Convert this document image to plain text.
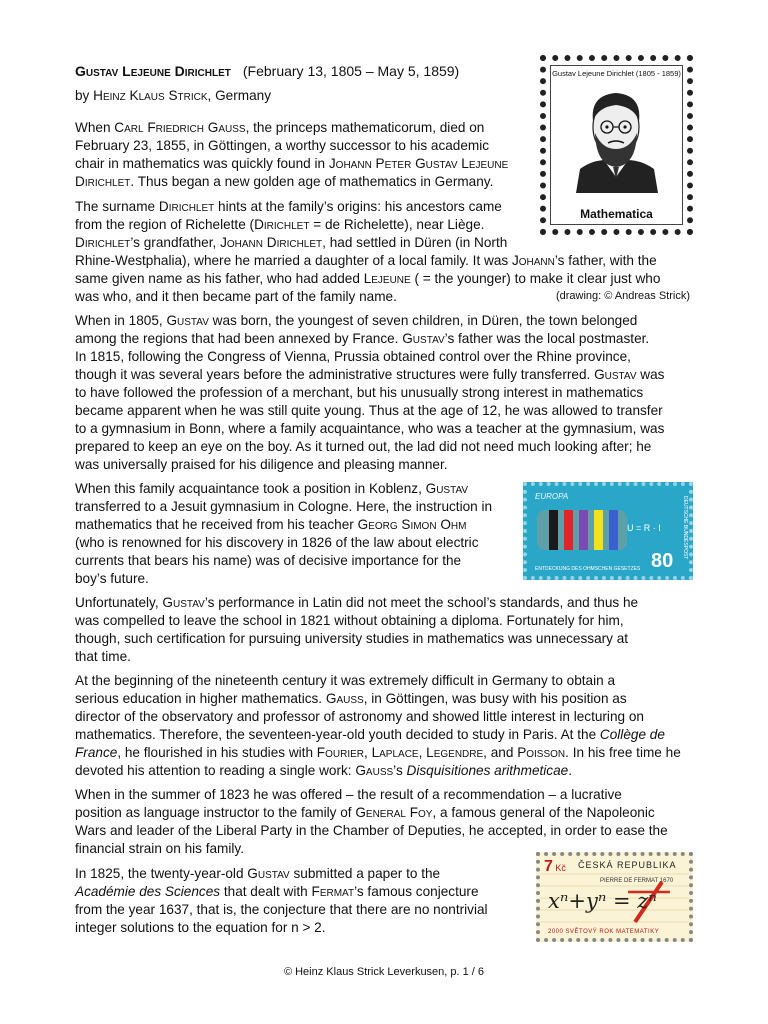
Gustav Lejeune Dirichlet (February 13, 1805 – May 5, 1859)
by Heinz Klaus Strick, Germany
Gustav Lejeune Dirichlet (1805 - 1859)
Mathematica

When Carl Friedrich Gauss, the princeps mathematicorum, died on
February 23, 1855, in Göttingen, a worthy successor to his academic
chair in mathematics was quickly found in Johann Peter Gustav Lejeune
Dirichlet. Thus began a new golden age of mathematics in Germany.

The surname Dirichlet hints at the family’s origins: his ancestors came
from the region of Richelette (Dirichlet = de Richelette), near Liège.
Dirichlet’s grandfather, Johann Dirichlet, had settled in Düren (in North
Rhine-Westphalia), where he married a daughter of a local family. It was Johann’s father, with the
same given name as his father, who had added Lejeune ( = the younger) to make it clear just who
was who, and it then became part of the family name.	(drawing: © Andreas Strick)

When in 1805, Gustav was born, the youngest of seven children, in Düren, the town belonged
among the regions that had been annexed by France. Gustav’s father was the local postmaster.
In 1815, following the Congress of Vienna, Prussia obtained control over the Rhine province,
though it was several years before the administrative structures were fully transferred. Gustav was
to have followed the profession of a merchant, but his unusually strong interest in mathematics
became apparent when he was still quite young. Thus at the age of 12, he was allowed to transfer
to a gymnasium in Bonn, where a family acquaintance, who was a teacher at the gymnasium, was
prepared to keep an eye on the boy. As it turned out, the lad did not need much looking after; he
was universally praised for his diligence and pleasing manner.

EUROPA
U = R · I
80
DEUTSCHE BUNDESPOST
ENTDECKUNG DES OHMSCHEN GESETZES

When this family acquaintance took a position in Koblenz, Gustav
transferred to a Jesuit gymnasium in Cologne. Here, the instruction in
mathematics that he received from his teacher Georg Simon Ohm
(who is renowned for his discovery in 1826 of the law about electric
currents that bears his name) was of decisive importance for the
boy’s future.

Unfortunately, Gustav’s performance in Latin did not meet the school’s standards, and thus he
was compelled to leave the school in 1821 without obtaining a diploma. Fortunately for him,
though, such certification for pursuing university studies in mathematics was unnecessary at
that time.

At the beginning of the nineteenth century it was extremely difficult in Germany to obtain a
serious education in higher mathematics. Gauss, in Göttingen, was busy with his position as
director of the observatory and professor of astronomy and showed little interest in lecturing on
mathematics. Therefore, the seventeen-year-old youth decided to study in Paris. At the Collège de
France, he flourished in his studies with Fourier, Laplace, Legendre, and Poisson. In his free time he
devoted his attention to reading a single work: Gauss’s Disquisitiones arithmeticae.

When in the summer of 1823 he was offered – the result of a recommendation – a lucrative
position as language instructor to the family of General Foy, a famous general of the Napoleonic
Wars and leader of the Liberal Party in the Chamber of Deputies, he accepted, in order to ease the
financial strain on his family.

In 1825, the twenty-year-old Gustav submitted a paper to the
Académie des Sciences that dealt with Fermat’s famous conjecture
from the year 1637, that is, the conjecture that there are no nontrivial
integer solutions to the equation for n > 2.

7 Kč ČESKÁ REPUBLIKA
PIERRE DE FERMAT 1670
xⁿ+yⁿ = zⁿ
2000 SVĚTOVÝ ROK MATEMATIKY
© Heinz Klaus Strick Leverkusen, p. 1 / 6
